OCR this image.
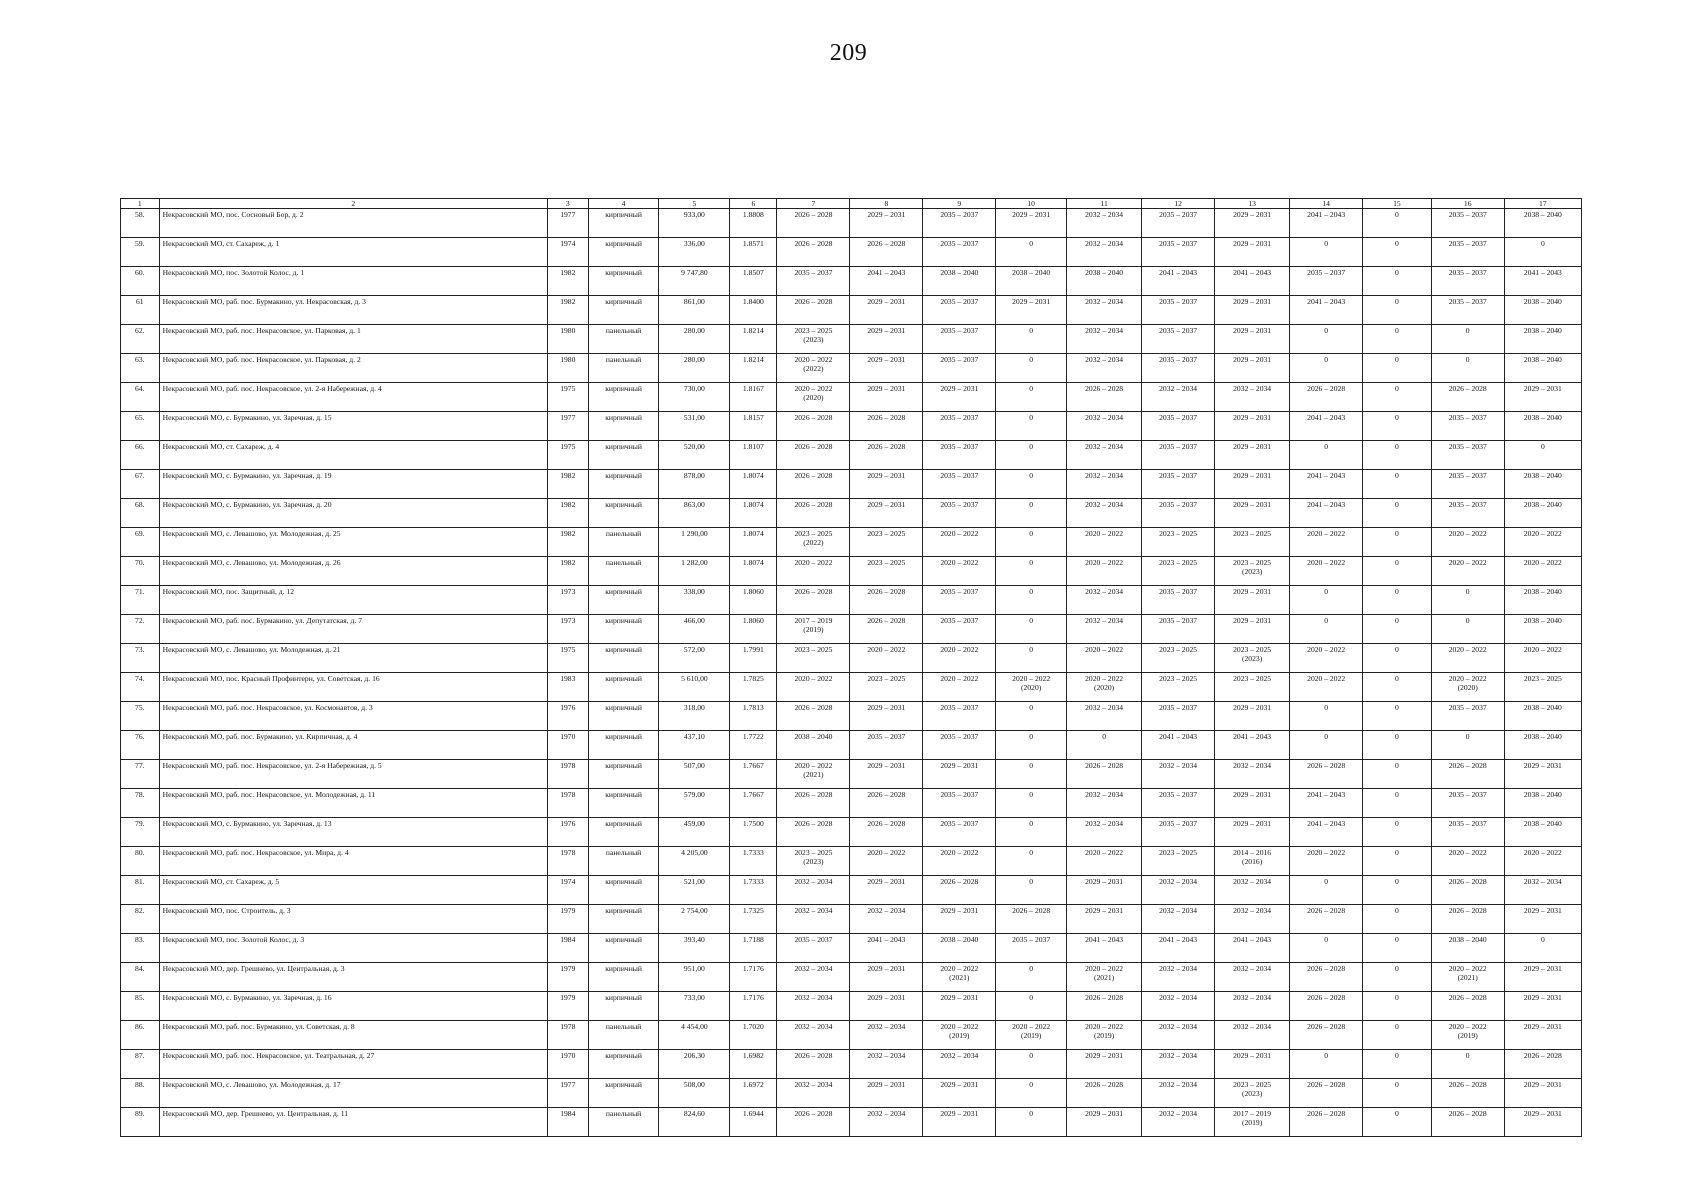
209
1	2	3	4	5	6	7	8	9	10	11	12	13	14	15	16	17

58.	Некрасовский МО, пос. Сосновый Бор, д. 2	1977	кирпичный	933,00	1.8808	2026 – 2028	2029 – 2031	2035 – 2037	2029 – 2031	2032 – 2034	2035 – 2037	2029 – 2031	2041 – 2043	0	2035 – 2037	2038 – 2040

59.	Некрасовский МО, ст. Сахареж, д. 1	1974	кирпичный	336,00	1.8571	2026 – 2028	2026 – 2028	2035 – 2037	0	2032 – 2034	2035 – 2037	2029 – 2031	0	0	2035 – 2037	0

60.	Некрасовский МО, пос. Золотой Колос, д. 1	1982	кирпичный	9 747,80	1.8507	2035 – 2037	2041 – 2043	2038 – 2040	2038 – 2040	2038 – 2040	2041 – 2043	2041 – 2043	2035 – 2037	0	2035 – 2037	2041 – 2043

61	Некрасовский МО, раб. пос. Бурмакино, ул. Некрасовская, д. 3	1982	кирпичный	861,00	1.8400	2026 – 2028	2029 – 2031	2035 – 2037	2029 – 2031	2032 – 2034	2035 – 2037	2029 – 2031	2041 – 2043	0	2035 – 2037	2038 – 2040

62.	Некрасовский МО, раб. пос. Некрасовское, ул. Парковая, д. 1	1980	панельный	280,00	1.8214	2023 – 2025
(2023)	2029 – 2031	2035 – 2037	0	2032 – 2034	2035 – 2037	2029 – 2031	0	0	0	2038 – 2040

63.	Некрасовский МО, раб. пос. Некрасовское, ул. Парковая, д. 2	1980	панельный	280,00	1.8214	2020 – 2022
(2022)	2029 – 2031	2035 – 2037	0	2032 – 2034	2035 – 2037	2029 – 2031	0	0	0	2038 – 2040

64.	Некрасовский МО, раб. пос. Некрасовское, ул. 2-я Набережная, д. 4	1975	кирпичный	730,00	1.8167	2020 – 2022
(2020)	2029 – 2031	2029 – 2031	0	2026 – 2028	2032 – 2034	2032 – 2034	2026 – 2028	0	2026 – 2028	2029 – 2031

65.	Некрасовский МО, с. Бурмакино, ул. Заречная, д. 15	1977	кирпичный	531,00	1.8157	2026 – 2028	2026 – 2028	2035 – 2037	0	2032 – 2034	2035 – 2037	2029 – 2031	2041 – 2043	0	2035 – 2037	2038 – 2040

66.	Некрасовский МО, ст. Сахареж, д. 4	1975	кирпичный	520,00	1.8107	2026 – 2028	2026 – 2028	2035 – 2037	0	2032 – 2034	2035 – 2037	2029 – 2031	0	0	2035 – 2037	0

67.	Некрасовский МО, с. Бурмакино, ул. Заречная, д. 19	1982	кирпичный	878,00	1.8074	2026 – 2028	2029 – 2031	2035 – 2037	0	2032 – 2034	2035 – 2037	2029 – 2031	2041 – 2043	0	2035 – 2037	2038 – 2040

68.	Некрасовский МО, с. Бурмакино, ул. Заречная, д. 20	1982	кирпичный	863,00	1.8074	2026 – 2028	2029 – 2031	2035 – 2037	0	2032 – 2034	2035 – 2037	2029 – 2031	2041 – 2043	0	2035 – 2037	2038 – 2040

69.	Некрасовский МО, с. Левашово, ул. Молодежная, д. 25	1982	панельный	1 290,00	1.8074	2023 – 2025
(2022)	2023 – 2025	2020 – 2022	0	2020 – 2022	2023 – 2025	2023 – 2025	2020 – 2022	0	2020 – 2022	2020 – 2022

70.	Некрасовский МО, с. Левашово, ул. Молодежная, д. 26	1982	панельный	1 282,00	1.8074	2020 – 2022	2023 – 2025	2020 – 2022	0	2020 – 2022	2023 – 2025	2023 – 2025
(2023)	2020 – 2022	0	2020 – 2022	2020 – 2022

71.	Некрасовский МО, пос. Защитный, д. 12	1973	кирпичный	338,00	1.8060	2026 – 2028	2026 – 2028	2035 – 2037	0	2032 – 2034	2035 – 2037	2029 – 2031	0	0	0	2038 – 2040

72.	Некрасовский МО, раб. пос. Бурмакино, ул. Депутатская, д. 7	1973	кирпичный	466,00	1.8060	2017 – 2019
(2019)	2026 – 2028	2035 – 2037	0	2032 – 2034	2035 – 2037	2029 – 2031	0	0	0	2038 – 2040

73.	Некрасовский МО, с. Левашово, ул. Молодежная, д. 21	1975	кирпичный	572,00	1.7991	2023 – 2025	2020 – 2022	2020 – 2022	0	2020 – 2022	2023 – 2025	2023 – 2025
(2023)	2020 – 2022	0	2020 – 2022	2020 – 2022

74.	Некрасовский МО, пос. Красный Профинтерн, ул. Советская, д. 16	1983	кирпичный	5 610,00	1.7825	2020 – 2022	2023 – 2025	2020 – 2022	2020 – 2022
(2020)	2020 – 2022
(2020)	2023 – 2025	2023 – 2025	2020 – 2022	0	2020 – 2022
(2020)	2023 – 2025

75.	Некрасовский МО, раб. пос. Некрасовское, ул. Космонавтов, д. 3	1976	кирпичный	318,00	1.7813	2026 – 2028	2029 – 2031	2035 – 2037	0	2032 – 2034	2035 – 2037	2029 – 2031	0	0	2035 – 2037	2038 – 2040

76.	Некрасовский МО, раб. пос. Бурмакино, ул. Кирпичная, д. 4	1970	кирпичный	437,10	1.7722	2038 – 2040	2035 – 2037	2035 – 2037	0	0	2041 – 2043	2041 – 2043	0	0	0	2038 – 2040

77.	Некрасовский МО, раб. пос. Некрасовское, ул. 2-я Набережная, д. 5	1978	кирпичный	507,00	1.7667	2020 – 2022
(2021)	2029 – 2031	2029 – 2031	0	2026 – 2028	2032 – 2034	2032 – 2034	2026 – 2028	0	2026 – 2028	2029 – 2031

78.	Некрасовский МО, раб. пос. Некрасовское, ул. Молодежная, д. 11	1978	кирпичный	579,00	1.7667	2026 – 2028	2026 – 2028	2035 – 2037	0	2032 – 2034	2035 – 2037	2029 – 2031	2041 – 2043	0	2035 – 2037	2038 – 2040

79.	Некрасовский МО, с. Бурмакино, ул. Заречная, д. 13	1976	кирпичный	459,00	1.7500	2026 – 2028	2026 – 2028	2035 – 2037	0	2032 – 2034	2035 – 2037	2029 – 2031	2041 – 2043	0	2035 – 2037	2038 – 2040

80.	Некрасовский МО, раб. пос. Некрасовское, ул. Мира, д. 4	1978	панельный	4 205,00	1.7333	2023 – 2025
(2023)	2020 – 2022	2020 – 2022	0	2020 – 2022	2023 – 2025	2014 – 2016
(2016)	2020 – 2022	0	2020 – 2022	2020 – 2022

81.	Некрасовский МО, ст. Сахареж, д. 5	1974	кирпичный	521,00	1.7333	2032 – 2034	2029 – 2031	2026 – 2028	0	2029 – 2031	2032 – 2034	2032 – 2034	0	0	2026 – 2028	2032 – 2034

82.	Некрасовский МО, пос. Строитель, д. 3	1979	кирпичный	2 754,00	1.7325	2032 – 2034	2032 – 2034	2029 – 2031	2026 – 2028	2029 – 2031	2032 – 2034	2032 – 2034	2026 – 2028	0	2026 – 2028	2029 – 2031

83.	Некрасовский МО, пос. Золотой Колос, д. 3	1984	кирпичный	393,40	1.7188	2035 – 2037	2041 – 2043	2038 – 2040	2035 – 2037	2041 – 2043	2041 – 2043	2041 – 2043	0	0	2038 – 2040	0

84.	Некрасовский МО, дер. Грешнево, ул. Центральная, д. 3	1979	кирпичный	951,00	1.7176	2032 – 2034	2029 – 2031	2020 – 2022
(2021)	0	2020 – 2022
(2021)	2032 – 2034	2032 – 2034	2026 – 2028	0	2020 – 2022
(2021)	2029 – 2031

85.	Некрасовский МО, с. Бурмакино, ул. Заречная, д. 16	1979	кирпичный	733,00	1.7176	2032 – 2034	2029 – 2031	2029 – 2031	0	2026 – 2028	2032 – 2034	2032 – 2034	2026 – 2028	0	2026 – 2028	2029 – 2031

86.	Некрасовский МО, раб. пос. Бурмакино, ул. Советская, д. 8	1978	панельный	4 454,00	1.7020	2032 – 2034	2032 – 2034	2020 – 2022
(2019)	2020 – 2022
(2019)	2020 – 2022
(2019)	2032 – 2034	2032 – 2034	2026 – 2028	0	2020 – 2022
(2019)	2029 – 2031

87.	Некрасовский МО, раб. пос. Некрасовское, ул. Театральная, д. 27	1970	кирпичный	206,30	1.6982	2026 – 2028	2032 – 2034	2032 – 2034	0	2029 – 2031	2032 – 2034	2029 – 2031	0	0	0	2026 – 2028

88.	Некрасовский МО, с. Левашово, ул. Молодежная, д. 17	1977	кирпичный	508,00	1.6972	2032 – 2034	2029 – 2031	2029 – 2031	0	2026 – 2028	2032 – 2034	2023 – 2025
(2023)	2026 – 2028	0	2026 – 2028	2029 – 2031

89.	Некрасовский МО, дер. Грешнево, ул. Центральная, д. 11	1984	панельный	824,60	1.6944	2026 – 2028	2032 – 2034	2029 – 2031	0	2029 – 2031	2032 – 2034	2017 – 2019
(2019)	2026 – 2028	0	2026 – 2028	2029 – 2031
